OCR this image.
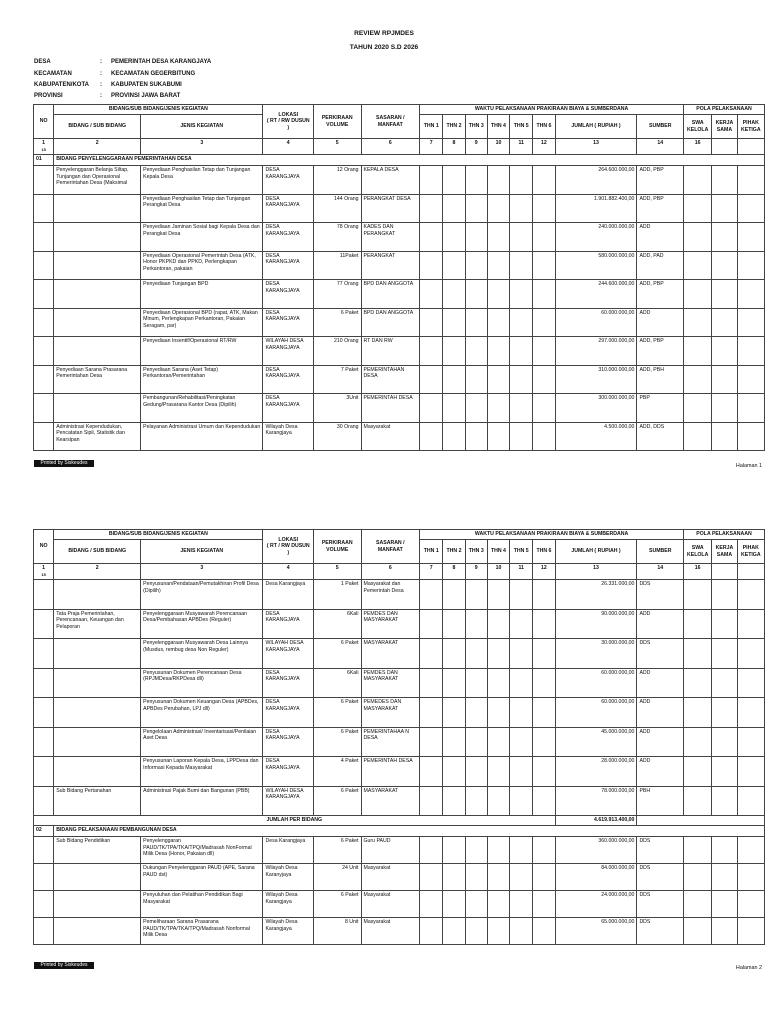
REVIEW RPJMDES
TAHUN 2020 S.D 2026
DESA	: PEMERINTAH DESA KARANGJAYA
KECAMATAN	: KECAMATAN GEGERBITUNG
KABUPATEN/KOTA	: KABUPATEN SUKABUMI
PROVINSI	: PROVINSI JAWA BARAT
NO	BIDANG/SUB BIDANG/JENIS KEGIATAN		LOKASI
( RT / RW DUSUN )	PERKIRAAN VOLUME	SASARAN / MANFAAT	WAKTU PELAKSANAAN PRAKIRAAN BIAYA & SUMBERDANA								POLA PELAKSANAAN		
	BIDANG / SUB BIDANG	JENIS KEGIATAN				THN 1	THN 2	THN 3	THN 4	THN 5	THN 6	JUMLAH ( RUPIAH )	SUMBER	SWA KELOLA	KERJA SAMA	PIHAK KETIGA
1
15	2	3	4	5	6	7	8	9	10	11	12	13	14	16		
01	BIDANG PENYELENGGARAAN PEMERINTAHAN DESA															
	Penyelenggaran Belanja Siltap, Tunjangan dan Operasional Pemerintahan Desa (Maksimal	Penyediaan Penghasilan Tetap dan Tunjangan Kepala Desa	DESA KARANGJAYA	12 Orang	KEPALA DESA							264.600.000,00	ADD, PBP			
		Penyediaan Penghasilan Tetap dan Tunjangan Perangkat Desa	DESA KARANGJAYA	144 Orang	PERANGKAT DESA							1.901.882.400,00	ADD, PBP			
		Penyediaan Jaminan Sosial bagi Kepala Desa dan Perangkat Desa	DESA KARANGJAYA	78 Orang	KADES DAN PERANGKAT							240.000.000,00	ADD			
		Penyediaan Operasional Pemerintah Desa (ATK, Honor PKPKD dan PPKD, Perlengkapan Perkantoran, pakaian	DESA KARANGJAYA	11Paket	PERANGKAT							580.000.000,00	ADD, PAD			
		Penyediaan Tunjangan BPD	DESA KARANGJAYA	77 Orang	BPD DAN ANGGOTA							244.600.000,00	ADD, PBP			
		Penyediaan Operasional BPD (rapat, ATK, Makan Minum, Perlengkapan Perkantoran, Pakaian Seragam, par)	DESA KARANGJAYA	6 Paket	BPD DAN ANGGOTA							60.000.000,00	ADD			
		Penyediaan Insentif/Operasional RT/RW	WILAYAH DESA KARANGJAYA	210 Orang	RT DAN RW							297.000.000,00	ADD, PBP			
	Penyediaan Sarana Prasarana Pemerintahan Desa	Penyediaan Sarana (Aset Tetap) Perkantoran/Pemerintahan	DESA KARANGJAYA	7 Paket	PEMERINTAHAN DESA							310.000.000,00	ADD, PBH			
		Pembangunan/Rehabilitasi/Peningkatan Gedung/Prasarana Kantor Desa (Dipilih)	DESA KARANGJAYA	3Unit	PEMERINTAH DESA							300.000.000,00	PBP			
	Administrasi Kependudukan, Pencatatan Sipil, Statistik dan Kearsipan	Pelayanan Administrasi Umum dan Kependudukan	Wilayah Desa Karangjaya	30 Orang	Masyarakat							4.500.000,00	ADD, DDS			
Printed by Siskeudes	Halaman 1
NO	BIDANG/SUB BIDANG/JENIS KEGIATAN		LOKASI
( RT / RW DUSUN )	PERKIRAAN VOLUME	SASARAN / MANFAAT	WAKTU PELAKSANAAN PRAKIRAAN BIAYA & SUMBERDANA								POLA PELAKSANAAN		
	BIDANG / SUB BIDANG	JENIS KEGIATAN				THN 1	THN 2	THN 3	THN 4	THN 5	THN 6	JUMLAH ( RUPIAH )	SUMBER	SWA KELOLA	KERJA SAMA	PIHAK KETIGA
1
15	2	3	4	5	6	7	8	9	10	11	12	13	14	16		
		Penyusunan/Pendataan/Pemutakhiran Profil Desa (Dipilih)	Desa Karangjaya	1 Paket	Masyarakat dan Pemerintah Desa							26.331.000,00	DDS			
	Tata Praja Pemerintahan, Perencanaan, Keuangan dan Pelaporan	Penyelenggaraan Musyawarah Perencanaan Desa/Pembahasan APBDes (Reguler)	DESA KARANGJAYA	6Kali	PEMDES DAN MASYARAKAT							90.000.000,00	ADD			
		Penyelenggaraan Musyawarah Desa Lainnya (Musdus, rembug desa Non Reguler)	WILAYAH DESA KARANGJAYA	6 Paket	MASYARAKAT							30.000.000,00	DDS			
		Penyusunan Dokumen Perencanaan Desa (RPJMDesa/RKPDesa dll)	DESA KARANGJAYA	6Kali	PEMDES DAN MASYARAKAT							60.000.000,00	ADD			
		Penyusunan Dokumen Keuangan Desa (APBDes, APBDes Perubahan, LPJ dll)	DESA KARANGJAYA	6 Paket	PEMEDES DAN MASYARAKAT							60.000.000,00	ADD			
		Pengelolaan Administrasi/ Inventarisasi/Penilaian Aset Desa	DESA KARANGJAYA	6 Paket	PEMERINTAHAA N DESA							45.000.000,00	ADD			
		Penyusunan Laporan Kepala Desa, LPPDesa dan Informasi Kepada Masyarakat	DESA KARANGJAYA	4 Paket	PEMERINTAH DESA							28.000.000,00	ADD			
	Sub Bidang Pertanahan	Administrasi Pajak Bumi dan Bangunan (PBB)	WILAYAH DESA KARANGJAYA	6 Paket	MASYARAKAT							78.000.000,00	PBH			
JUMLAH PER BIDANG												4.619.913.400,00				
02	BIDANG PELAKSANAAN PEMBANGUNAN DESA															
	Sub Bidang Pendidikan	Penyelenggaran PAUD/TK/TPA/TKA/TPQ/Madrasah NonFormal Milik Desa (Honor, Pakaian dll)	Desa Karangjaya	6 Paket	Guru PAUD							360.000.000,00	DDS			
		Dukungan Penyelenggaran PAUD (APE, Sarana PAUD dst)	Wilayah Desa Karanyjaya	24 Unit	Masyarakat							84.000.000,00	DDS			
		Penyuluhan dan Pelatihan Pendidikan Bagi Masyarakat	Wilayah Desa Karangjaya	6 Paket	Masyarakat							24.000.000,00	DDS			
		Pemeliharaan Sarana Prasarana PAUD/TK/TPA/TKA/TPQ/Madrasah Nonformal Milik Desa	Wilayah Desa Karangjaya	8 Unit	Masyarakat							65.000.000,00	DDS			
Printed by Siskeudes	Halaman 2
